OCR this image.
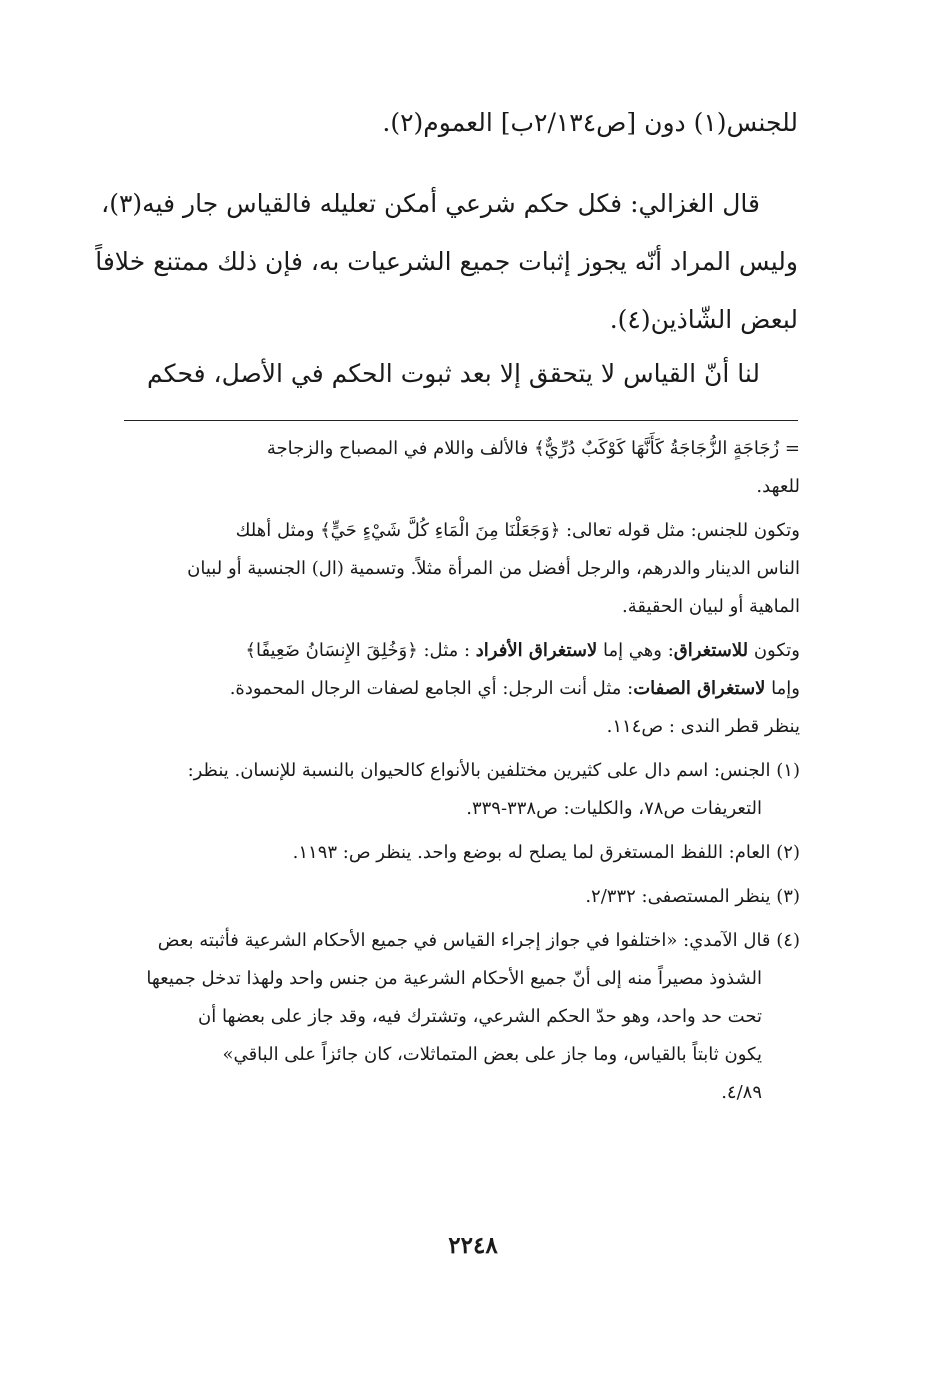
للجنس(١) دون [ص٢/١٣٤ب] العموم(٢).
قال الغزالي: فكل حكم شرعي أمكن تعليله فالقياس جار فيه(٣)،
وليس المراد أنّه يجوز إثبات جميع الشرعيات به، فإن ذلك ممتنع خلافاً
لبعض الشّاذين(٤).
لنا أنّ القياس لا يتحقق إلا بعد ثبوت الحكم في الأصل، فحكم
= زُجَاجَةٍ الزُّجَاجَةُ كَأَنَّهَا كَوْكَبٌ دُرِّيٌّ﴾ فالألف واللام في المصباح والزجاجة
للعهد.
وتكون للجنس: مثل قوله تعالى: ﴿وَجَعَلْنَا مِنَ الْمَاءِ كُلَّ شَيْءٍ حَيٍّ﴾ ومثل أهلك
الناس الدينار والدرهم، والرجل أفضل من المرأة مثلاً. وتسمية (ال) الجنسية أو لبيان
الماهية أو لبيان الحقيقة.
وتكون للاستغراق: وهي إما لاستغراق الأفراد : مثل: ﴿وَخُلِقَ الإِنسَانُ ضَعِيفًا﴾
وإما لاستغراق الصفات: مثل أنت الرجل: أي الجامع لصفات الرجال المحمودة.
ينظر قطر الندى : ص١١٤.
(١) الجنس: اسم دال على كثيرين مختلفين بالأنواع كالحيوان بالنسبة للإنسان. ينظر:
التعريفات ص٧٨، والكليات: ص٣٣٨-٣٣٩.
(٢) العام: اللفظ المستغرق لما يصلح له بوضع واحد. ينظر ص: ١١٩٣.
(٣) ينظر المستصفى: ٢/٣٣٢.
(٤) قال الآمدي: «اختلفوا في جواز إجراء القياس في جميع الأحكام الشرعية فأثبته بعض
الشذوذ مصيراً منه إلى أنّ جميع الأحكام الشرعية من جنس واحد ولهذا تدخل جميعها
تحت حد واحد، وهو حدّ الحكم الشرعي، وتشترك فيه، وقد جاز على بعضها أن
يكون ثابتاً بالقياس، وما جاز على بعض المتماثلات، كان جائزاً على الباقي»
٤/٨٩.
٢٢٤٨
